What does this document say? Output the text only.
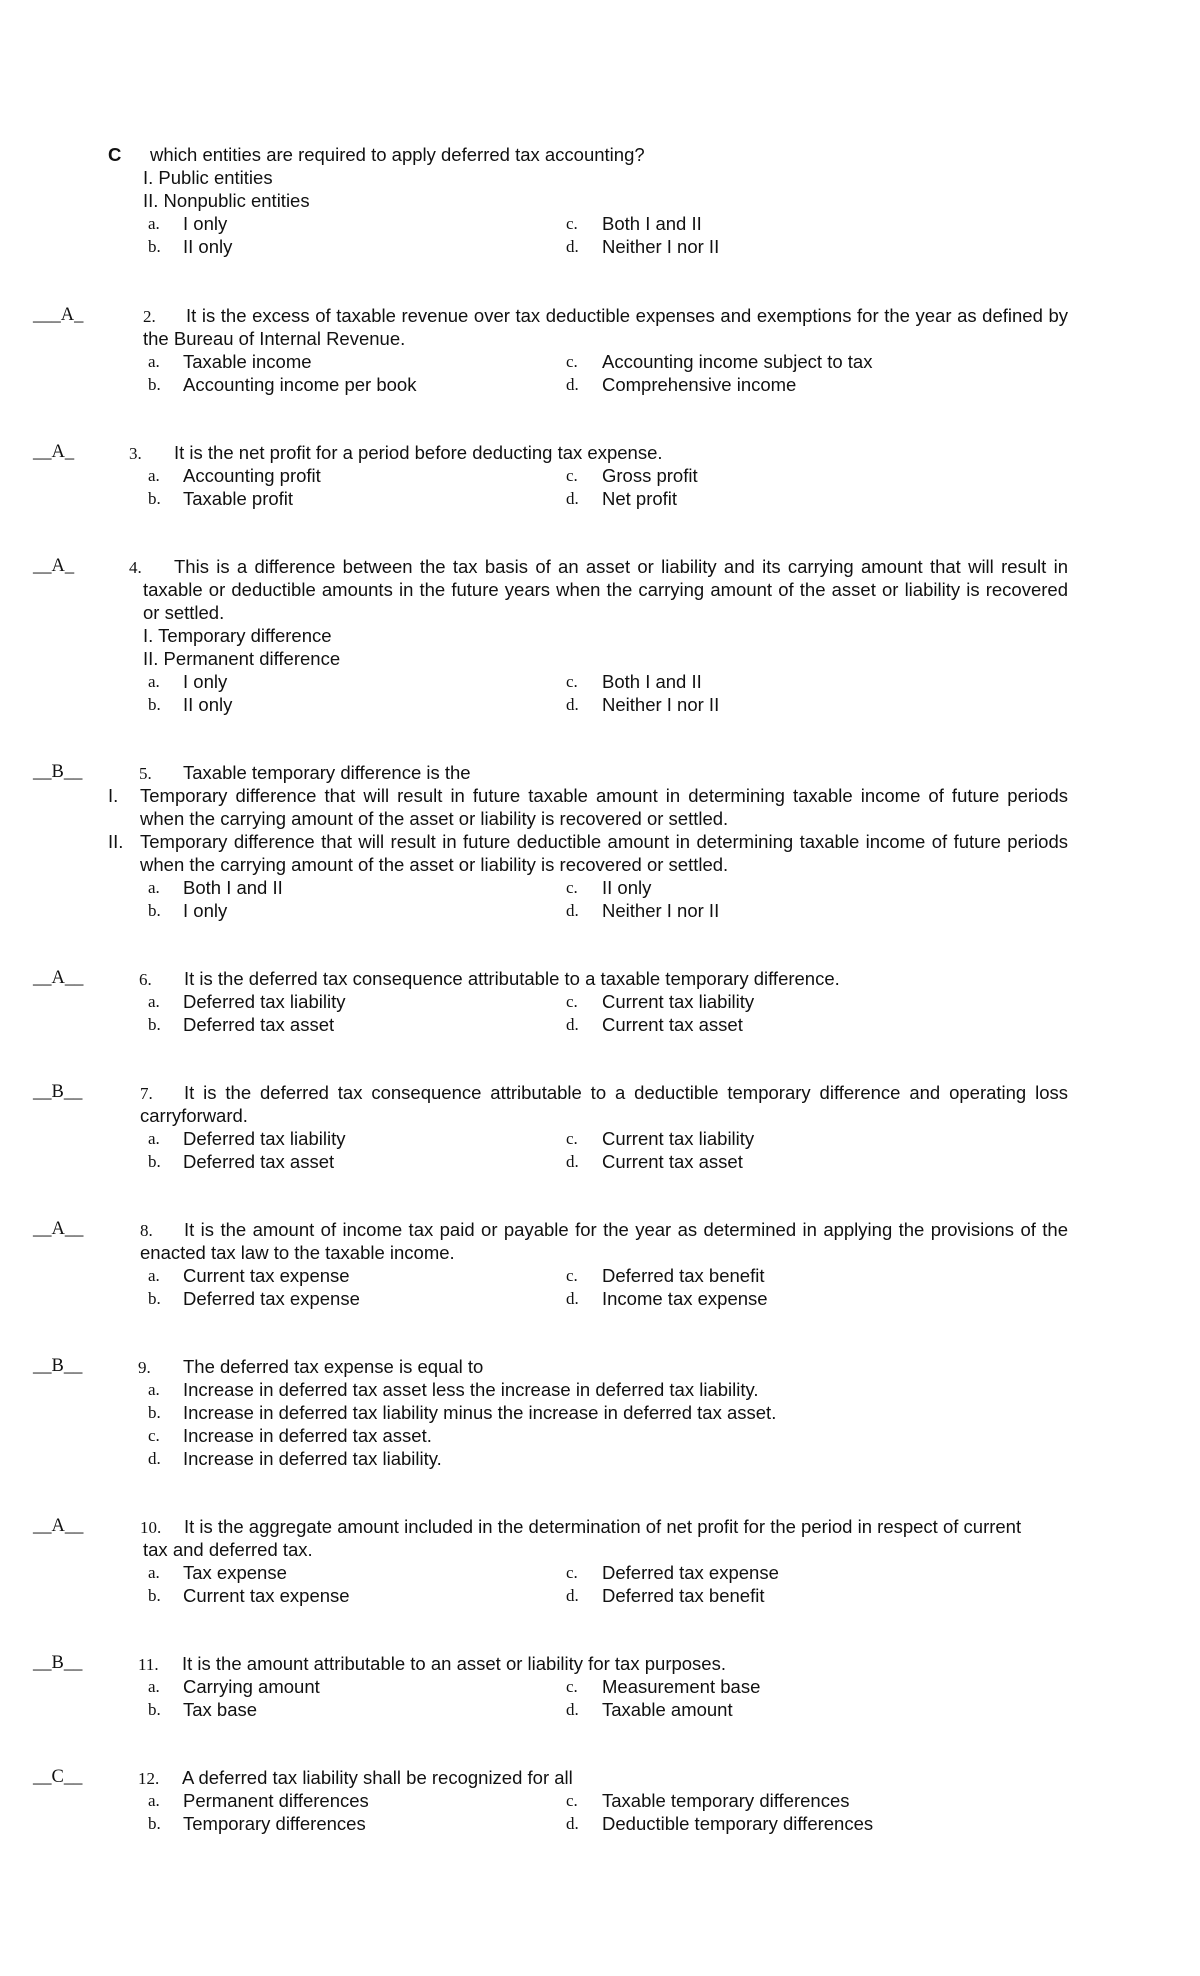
C which entities are required to apply deferred tax accounting?
I. Public entities
II. Nonpublic entities
a. I only	c. Both I and II
b. II only	d. Neither I nor II
___A_	2.	It is the excess of taxable revenue over tax deductible expenses and exemptions for the year as defined by the Bureau of Internal Revenue.
a. Taxable income	c. Accounting income subject to tax
b. Accounting income per book	d. Comprehensive income
__A_	3. It is the net profit for a period before deducting tax expense.
a. Accounting profit	c. Gross profit
b. Taxable profit	d. Net profit
__A_	4.	This is a difference between the tax basis of an asset or liability and its carrying amount that will result in taxable or deductible amounts in the future years when the carrying amount of the asset or liability is recovered or settled.
I. Temporary difference
II. Permanent difference
a. I only	c. Both I and II
b. II only	d. Neither I nor II
__B__	5. Taxable temporary difference is the
I. Temporary difference that will result in future taxable amount in determining taxable income of future periods when the carrying amount of the asset or liability is recovered or settled.
II. Temporary difference that will result in future deductible amount in determining taxable income of future periods when the carrying amount of the asset or liability is recovered or settled.
a. Both I and II	c. II only
b. I only	d. Neither I nor II
__A__	6. It is the deferred tax consequence attributable to a taxable temporary difference.
a. Deferred tax liability	c. Current tax liability
b. Deferred tax asset	d. Current tax asset
__B__	7.	It is the deferred tax consequence attributable to a deductible temporary difference and operating loss carryforward.
a. Deferred tax liability	c. Current tax liability
b. Deferred tax asset	d. Current tax asset
__A__	8.	It is the amount of income tax paid or payable for the year as determined in applying the provisions of the enacted tax law to the taxable income.
a. Current tax expense	c. Deferred tax benefit
b. Deferred tax expense	d. Income tax expense
__B__	9. The deferred tax expense is equal to
a. Increase in deferred tax asset less the increase in deferred tax liability.
b. Increase in deferred tax liability minus the increase in deferred tax asset.
c. Increase in deferred tax asset.
d. Increase in deferred tax liability.
__A__	10.	It is the aggregate amount included in the determination of net profit for the period in respect of current tax and deferred tax.
a. Tax expense	c. Deferred tax expense
b. Current tax expense	d. Deferred tax benefit
__B__	11. It is the amount attributable to an asset or liability for tax purposes.
a. Carrying amount	c. Measurement base
b. Tax base	d. Taxable amount
__C__	12. A deferred tax liability shall be recognized for all
a. Permanent differences	c. Taxable temporary differences
b. Temporary differences	d. Deductible temporary differences
